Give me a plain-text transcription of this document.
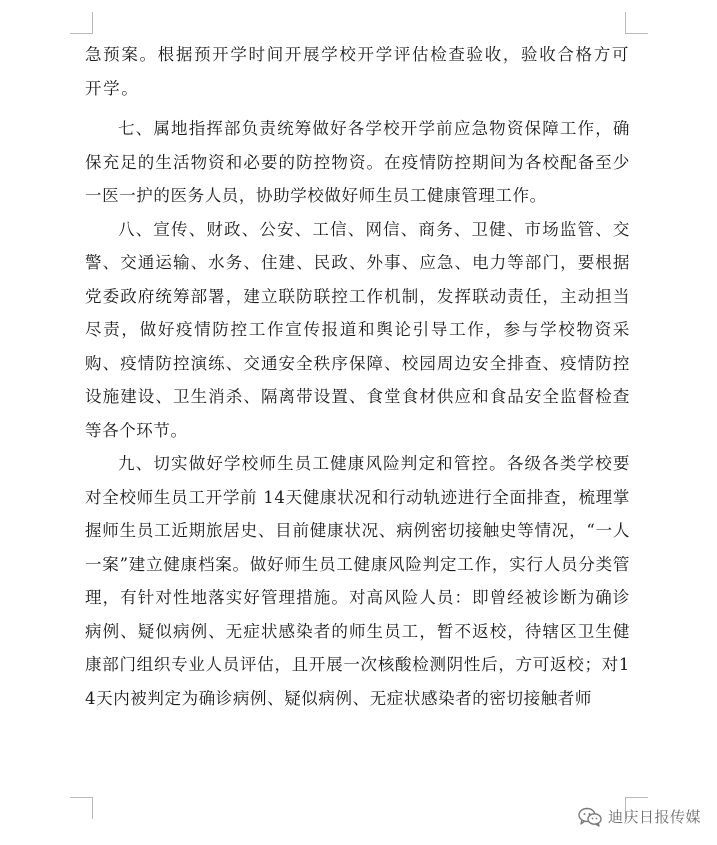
急预案。根据预开学时间开展学校开学评估检查验收，验收合格方可开学。

七、属地指挥部负责统筹做好各学校开学前应急物资保障工作，确保充足的生活物资和必要的防控物资。在疫情防控期间为各校配备至少一医一护的医务人员，协助学校做好师生员工健康管理工作。

八、宣传、财政、公安、工信、网信、商务、卫健、市场监管、交警、交通运输、水务、住建、民政、外事、应急、电力等部门，要根据党委政府统筹部署，建立联防联控工作机制，发挥联动责任，主动担当尽责，做好疫情防控工作宣传报道和舆论引导工作，参与学校物资采购、疫情防控演练、交通安全秩序保障、校园周边安全排查、疫情防控设施建设、卫生消杀、隔离带设置、食堂食材供应和食品安全监督检查等各个环节。

九、切实做好学校师生员工健康风险判定和管控。各级各类学校要对全校师生员工开学前 14天健康状况和行动轨迹进行全面排查，梳理掌握师生员工近期旅居史、目前健康状况、病例密切接触史等情况，“一人一案”建立健康档案。做好师生员工健康风险判定工作，实行人员分类管理，有针对性地落实好管理措施。对高风险人员：即曾经被诊断为确诊病例、疑似病例、无症状感染者的师生员工，暂不返校，待辖区卫生健康部门组织专业人员评估，且开展一次核酸检测阴性后，方可返校；对14天内被判定为确诊病例、疑似病例、无症状感染者的密切接触者师

迪庆日报传媒
